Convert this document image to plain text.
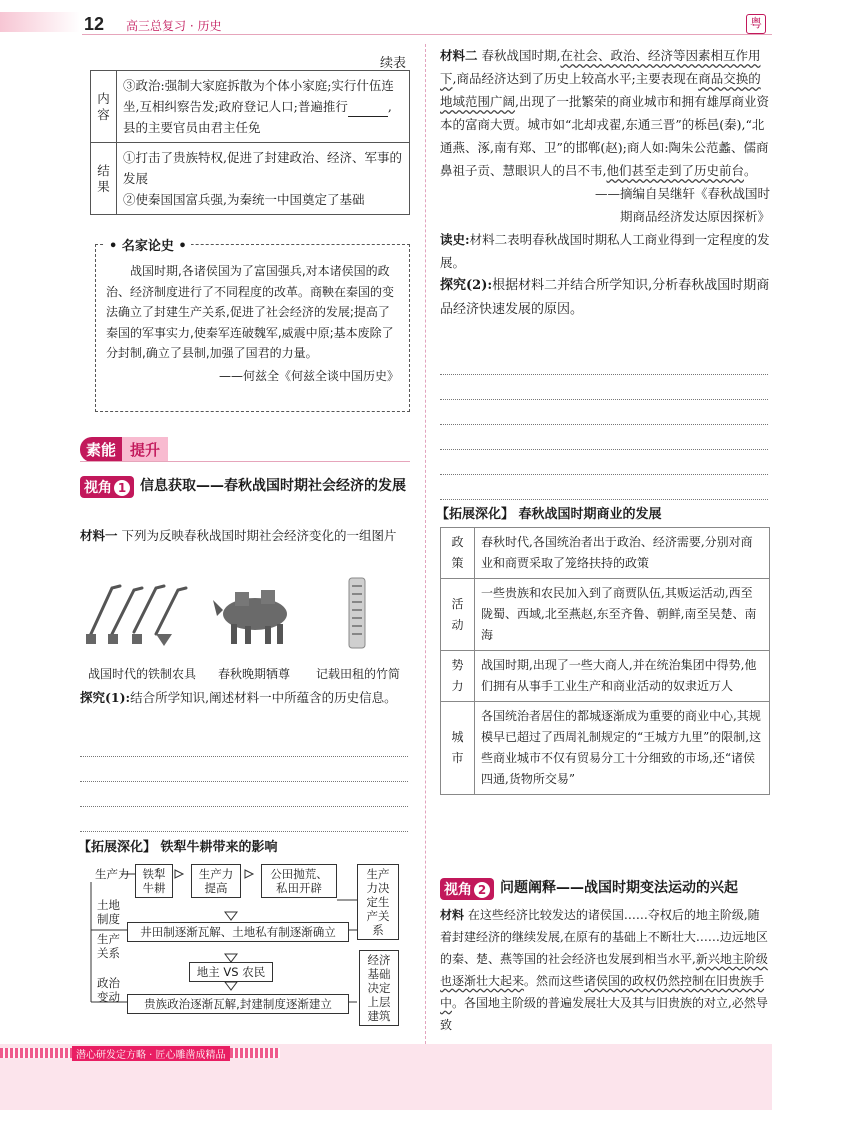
12 高三总复习 · 历史	粤
续表
内容	③政治:强制大家庭拆散为个体小家庭;实行什伍连坐,互相纠察告发;政府登记人口;普遍推行 ,县的主要官员由君主任免
结果	①打击了贵族特权,促进了封建政治、经济、军事的发展
②使秦国国富兵强,为秦统一中国奠定了基础

战国时期,各诸侯国为了富国强兵,对本诸侯国的政治、经济制度进行了不同程度的改革。商鞅在秦国的变法确立了封建生产关系,促进了社会经济的发展;提高了秦国的军事实力,使秦军连破魏军,威震中原;基本废除了分封制,确立了县制,加强了国君的力量。

——何兹全《何兹全谈中国历史》
• 名家论史 •
素能 提升
视角 1 信息获取——春秋战国时期社会经济的发展
材料一 下列为反映春秋战国时期社会经济变化的一组图片
战国时代的铁制农具 春秋晚期牺尊 记载田租的竹简
探究(1):结合所学知识,阐述材料一中所蕴含的历史信息。
【拓展深化】 铁犁牛耕带来的影响
生产力	铁犁牛耕
生产力提高
公田抛荒、私田开辟
生产力决定生产关系
土地制度
生产关系
井田制逐渐瓦解、土地私有制逐渐确立
地主 VS 农民
政治变动	贵族政治逐渐瓦解,封建制度逐渐建立
经济基础决定上层建筑
材料二 春秋战国时期,在社会、政治、经济等因素相互作用下,商品经济达到了历史上较高水平;主要表现在商品交换的地域范围广阔,出现了一批繁荣的商业城市和拥有雄厚商业资本的富商大贾。城市如“北却戎翟,东通三晋”的栎邑(秦),“北通燕、涿,南有郑、卫”的邯郸(赵);商人如:陶朱公范蠡、儒商鼻祖子贡、慧眼识人的吕不韦,他们甚至走到了历史前台。
——摘编自吴继轩《春秋战国时
期商品经济发达原因探析》
读史:材料二表明春秋战国时期私人工商业得到一定程度的发展。
探究(2):根据材料二并结合所学知识,分析春秋战国时期商品经济快速发展的原因。
【拓展深化】 春秋战国时期商业的发展
政策	春秋时代,各国统治者出于政治、经济需要,分别对商业和商贾采取了笼络扶持的政策
活动	一些贵族和农民加入到了商贾队伍,其贩运活动,西至陇蜀、西域,北至燕赵,东至齐鲁、朝鲜,南至吴楚、南海
势力	战国时期,出现了一些大商人,并在统治集团中得势,他们拥有从事手工业生产和商业活动的奴隶近万人
城市	各国统治者居住的都城逐渐成为重要的商业中心,其规模早已超过了西周礼制规定的“王城方九里”的限制,这些商业城市不仅有贸易分工十分细致的市场,还“诸侯四通,货物所交易”
视角 2 问题阐释——战国时期变法运动的兴起
材料 在这些经济比较发达的诸侯国……夺权后的地主阶级,随着封建经济的继续发展,在原有的基础上不断壮大……边远地区的秦、楚、燕等国的社会经济也发展到相当水平,新兴地主阶级也逐渐壮大起来。然而这些诸侯国的政权仍然控制在旧贵族手中。各国地主阶级的普遍发展壮大及其与旧贵族的对立,必然导致
潜心研发定方略 · 匠心雕凿成精品
